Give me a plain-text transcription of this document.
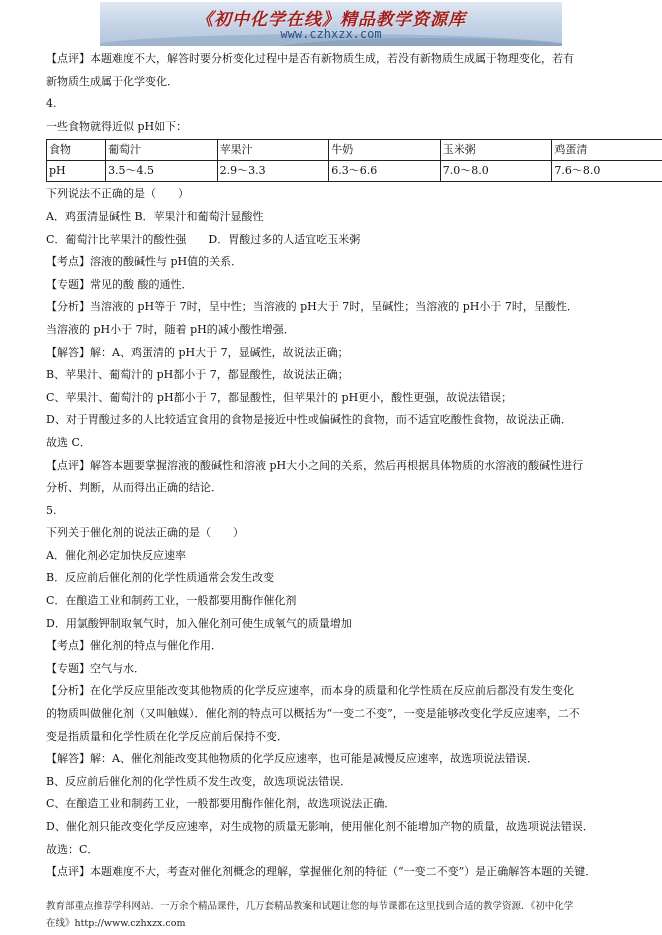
《初中化学在线》精品教学资源库
www.czhxzx.com

【点评】本题难度不大，解答时要分析变化过程中是否有新物质生成，若没有新物质生成属于物理变化，若有

新物质生成属于化学变化．

4.

一些食物就得近似 pH如下：

食物	葡萄汁	苹果汁	牛奶	玉米粥	鸡蛋清
pH	3.5～4.5	2.9～3.3	6.3～6.6	7.0～8.0	7.6～8.0

下列说法不正确的是（　　）

A．鸡蛋清显碱性 B．苹果汁和葡萄汁显酸性

C．葡萄汁比苹果汁的酸性强　　D．胃酸过多的人适宜吃玉米粥

【考点】溶液的酸碱性与 pH值的关系．

【专题】常见的酸 酸的通性．

【分析】当溶液的 pH等于 7时，呈中性；当溶液的 pH大于 7时，呈碱性；当溶液的 pH小于 7时，呈酸性．

当溶液的 pH小于 7时，随着 pH的减小酸性增强．

【解答】解：A、鸡蛋清的 pH大于 7，显碱性，故说法正确；

B、苹果汁、葡萄汁的 pH都小于 7，都显酸性，故说法正确；

C、苹果汁、葡萄汁的 pH都小于 7，都显酸性，但苹果汁的 pH更小，酸性更强，故说法错误；

D、对于胃酸过多的人比较适宜食用的食物是接近中性或偏碱性的食物，而不适宜吃酸性食物，故说法正确．

故选 C．

【点评】解答本题要掌握溶液的酸碱性和溶液 pH大小之间的关系，然后再根据具体物质的水溶液的酸碱性进行

分析、判断，从而得出正确的结论．

5.

下列关于催化剂的说法正确的是（　　）

A．催化剂必定加快反应速率

B．反应前后催化剂的化学性质通常会发生改变

C．在酿造工业和制药工业，一般都要用酶作催化剂

D．用氯酸钾制取氧气时，加入催化剂可使生成氧气的质量增加

【考点】催化剂的特点与催化作用．

【专题】空气与水．

【分析】在化学反应里能改变其他物质的化学反应速率，而本身的质量和化学性质在反应前后都没有发生变化

的物质叫做催化剂（又叫触媒）．催化剂的特点可以概括为“一变二不变”，一变是能够改变化学反应速率，二不

变是指质量和化学性质在化学反应前后保持不变．

【解答】解：A、催化剂能改变其他物质的化学反应速率，也可能是减慢反应速率，故选项说法错误．

B、反应前后催化剂的化学性质不发生改变，故选项说法错误．

C、在酿造工业和制药工业，一般都要用酶作催化剂，故选项说法正确．

D、催化剂只能改变化学反应速率，对生成物的质量无影响，使用催化剂不能增加产物的质量，故选项说法错误．

故选：C．

【点评】本题难度不大，考查对催化剂概念的理解，掌握催化剂的特征（“一变二不变”）是正确解答本题的关键．

教育部重点推荐学科网站．一万余个精品课件，几万套精品教案和试题让您的每节课都在这里找到合适的教学资源．《初中化学
在线》http://www.czhxzx.com
